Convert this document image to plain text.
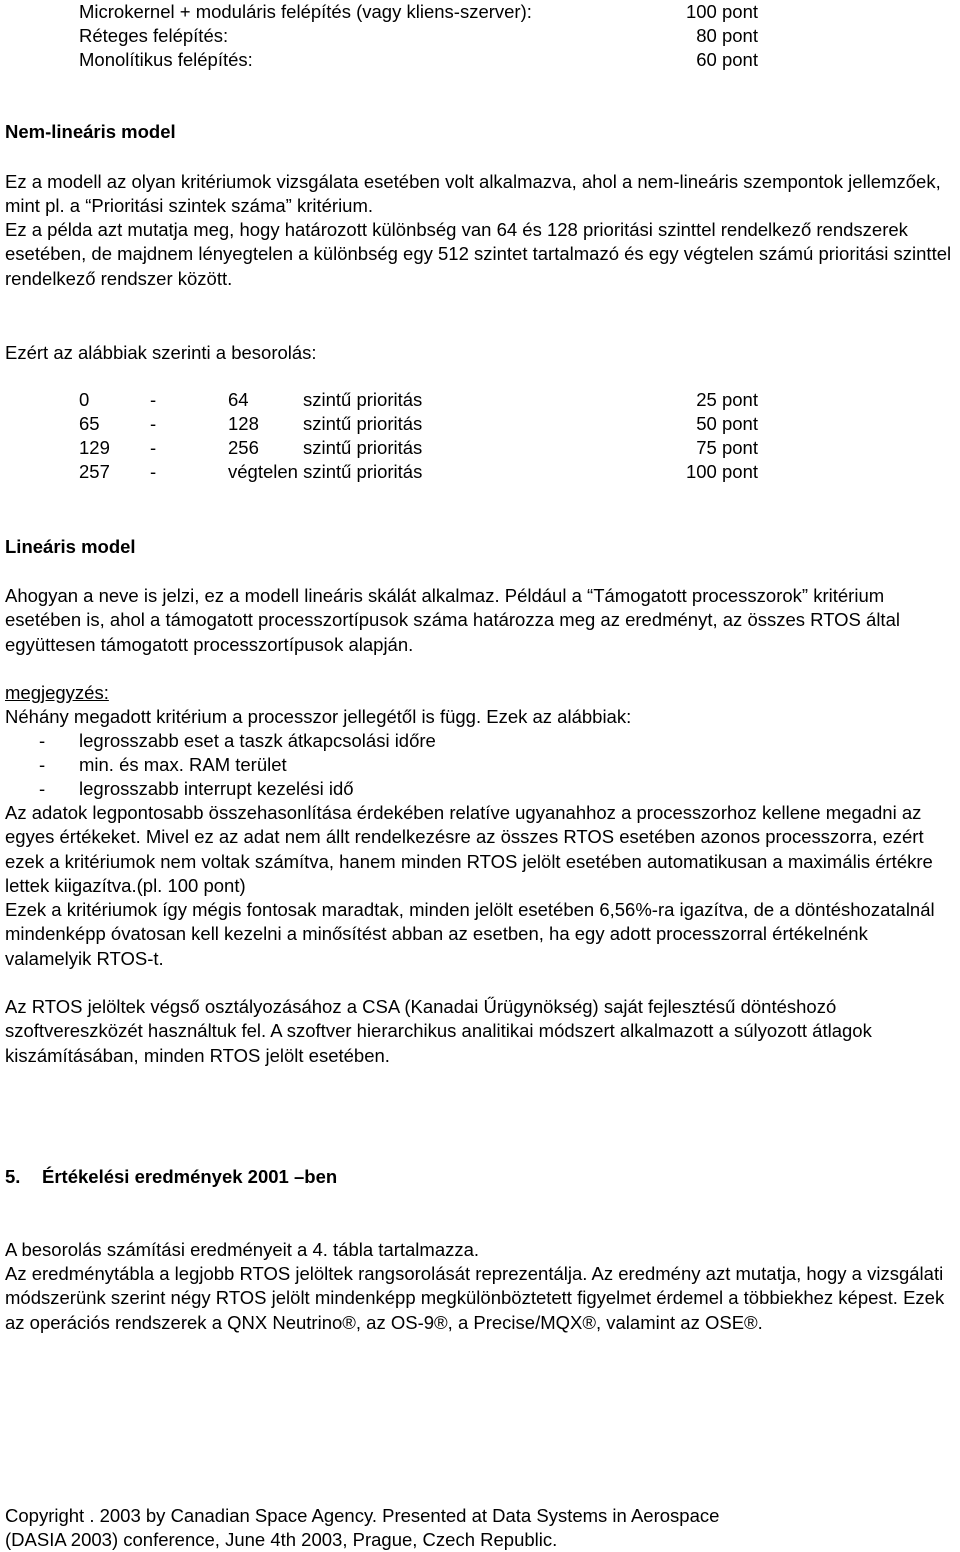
Microkernel + moduláris felépítés (vagy kliens-szerver):	100 pont
Réteges felépítés:	80 pont
Monolítikus felépítés:	60 pont
Nem-lineáris model

Ez a modell az olyan kritériumok vizsgálata esetében volt alkalmazva, ahol a nem-lineáris szempontok jellemzőek, mint pl. a “Prioritási szintek száma” kritérium.

Ez a példa azt mutatja meg, hogy határozott különbség van 64 és 128 prioritási szinttel rendelkező rendszerek esetében, de majdnem lényegtelen a különbség egy 512 szintet tartalmazó és egy végtelen számú prioritási szinttel rendelkező rendszer között.

Ezért az alábbiak szerinti a besorolás:
0	-	64	szintű prioritás	25 pont
65	-	128 szintű prioritás	50 pont
129 -	256 szintű prioritás	75 pont
257 -	végtelen szintű prioritás	100 pont
Lineáris model

Ahogyan a neve is jelzi, ez a modell lineáris skálát alkalmaz. Például a “Támogatott processzorok” kritérium esetében is, ahol a támogatott processzortípusok száma határozza meg az eredményt, az összes RTOS által együttesen támogatott processzortípusok alapján.

megjegyzés:
Néhány megadott kritérium a processzor jellegétől is függ. Ezek az alábbiak:
- legrosszabb eset a taszk átkapcsolási időre
- min. és max. RAM terület
- legrosszabb interrupt kezelési idő

Az adatok legpontosabb összehasonlítása érdekében relatíve ugyanahhoz a processzorhoz kellene megadni az egyes értékeket. Mivel ez az adat nem állt rendelkezésre az összes RTOS esetében azonos processzorra, ezért ezek a kritériumok nem voltak számítva, hanem minden RTOS jelölt esetében automatikusan a maximális értékre lettek kiigazítva.(pl. 100 pont)

Ezek a kritériumok így mégis fontosak maradtak, minden jelölt esetében 6,56%-ra igazítva, de a döntéshozatalnál mindenképp óvatosan kell kezelni a minősítést abban az esetben, ha egy adott processzorral értékelnénk valamelyik RTOS-t.

Az RTOS jelöltek végső osztályozásához a CSA (Kanadai Űrügynökség) saját fejlesztésű döntéshozó szoftvereszközét használtuk fel. A szoftver hierarchikus analitikai módszert alkalmazott a súlyozott átlagok kiszámításában, minden RTOS jelölt esetében.

5. Értékelési eredmények 2001 –ben
A besorolás számítási eredményeit a 4. tábla tartalmazza.

Az eredménytábla a legjobb RTOS jelöltek rangsorolását reprezentálja. Az eredmény azt mutatja, hogy a vizsgálati módszerünk szerint négy RTOS jelölt mindenképp megkülönböztetett figyelmet érdemel a többiekhez képest. Ezek az operációs rendszerek a QNX Neutrino®, az OS-9®, a Precise/MQX®, valamint az OSE®.

Copyright . 2003 by Canadian Space Agency. Presented at Data Systems in Aerospace
(DASIA 2003) conference, June 4th 2003, Prague, Czech Republic.
